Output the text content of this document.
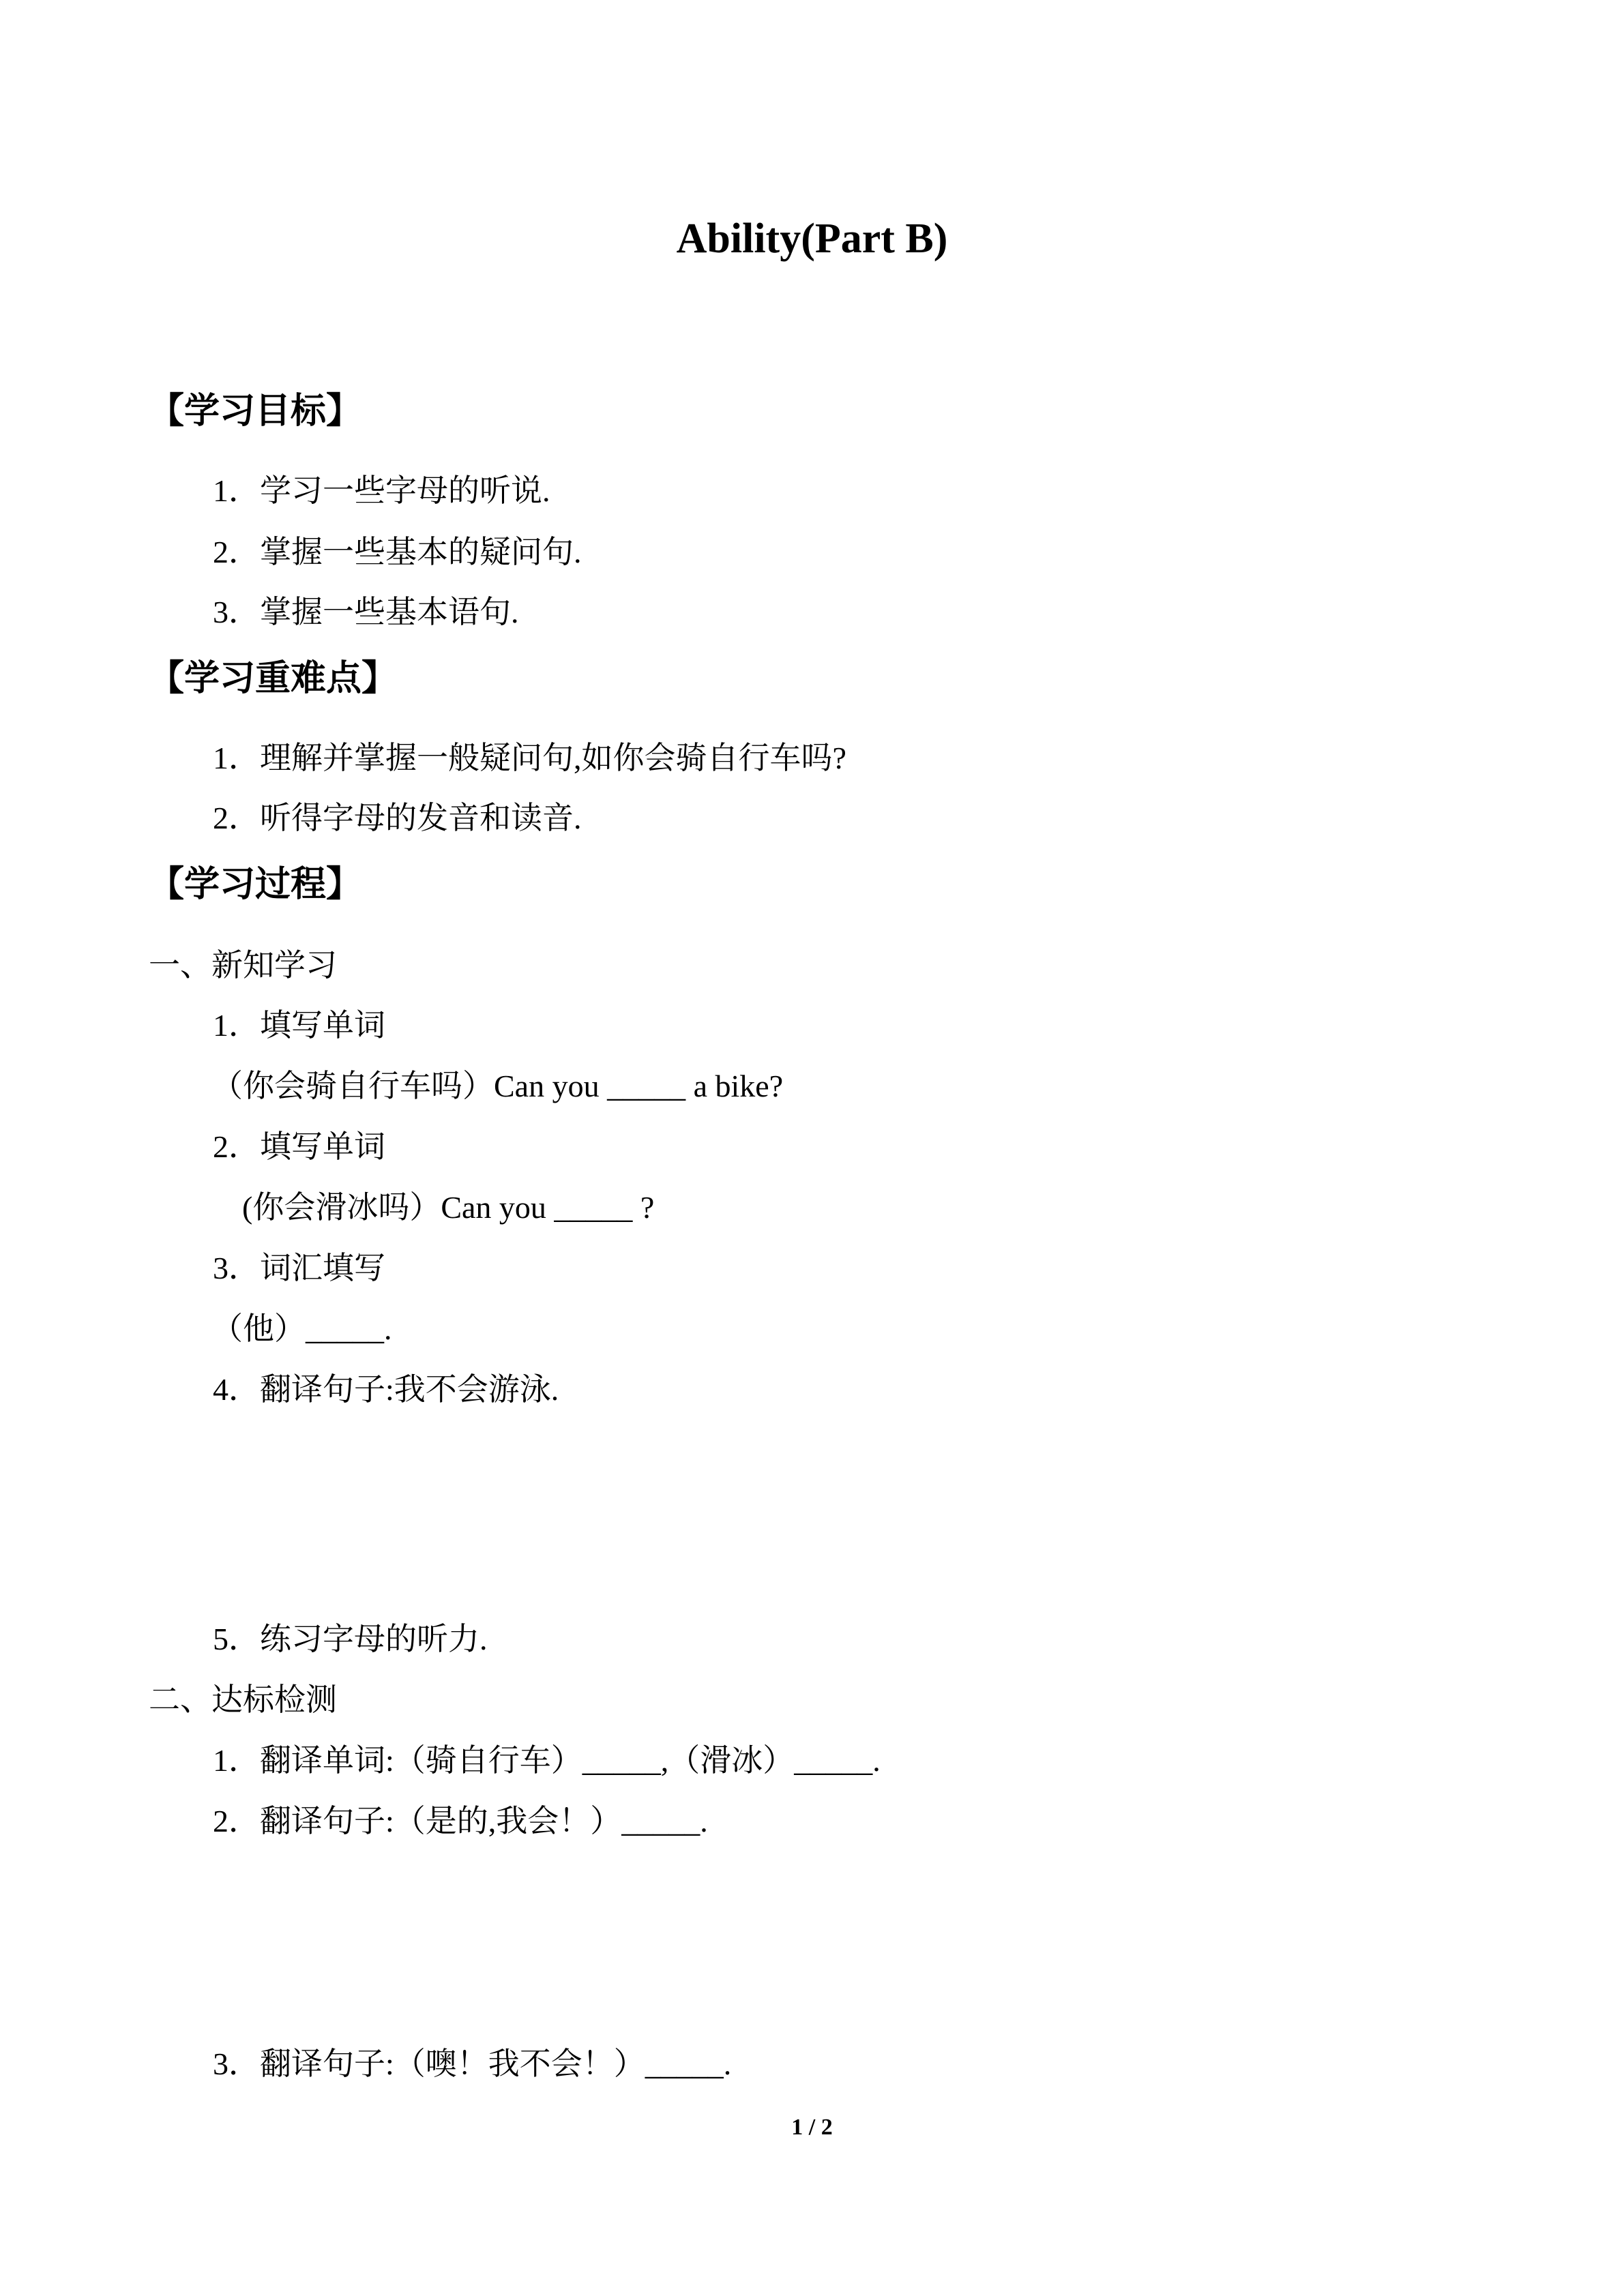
Ability(Part B)
【学习目标】
1．学习一些字母的听说.
2．掌握一些基本的疑问句.
3．掌握一些基本语句.
【学习重难点】
1．理解并掌握一般疑问句,如你会骑自行车吗?
2．听得字母的发音和读音.
【学习过程】
一、新知学习
1．填写单词
（你会骑自行车吗）Can you _____ a bike?
2．填写单词
(你会滑冰吗）Can you _____ ?
3．词汇填写
（他）_____.
4．翻译句子:我不会游泳.
5．练习字母的听力.
二、达标检测
1．翻译单词:（骑自行车）_____,（滑冰）_____.
2．翻译句子:（是的,我会！）_____.
3．翻译句子:（噢！我不会！）_____.
1 / 2
